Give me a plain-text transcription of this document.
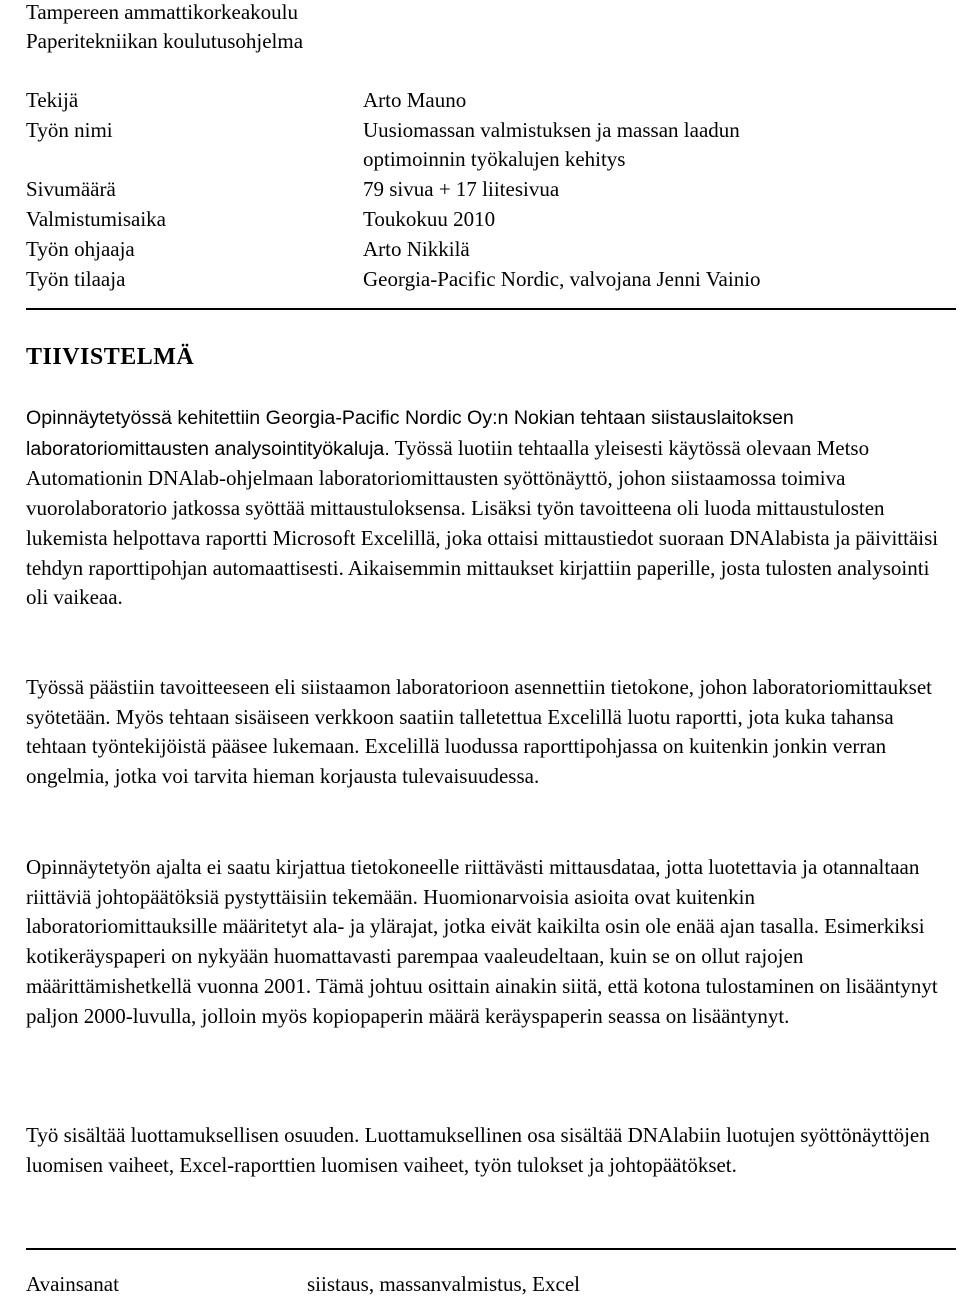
Tampereen ammattikorkeakoulu
Paperitekniikan koulutusohjelma
Tekijä	Arto Mauno
Työn nimi	Uusiomassan valmistuksen ja massan laadun
optimoinnin työkalujen kehitys
Sivumäärä	79 sivua + 17 liitesivua
Valmistumisaika	Toukokuu 2010
Työn ohjaaja	Arto Nikkilä
Työn tilaaja	Georgia-Pacific Nordic, valvojana Jenni Vainio
TIIVISTELMÄ

Opinnäytetyössä kehitettiin Georgia-Pacific Nordic Oy:n Nokian tehtaan siistauslaitoksen laboratoriomittausten analysointityökaluja. Työssä luotiin tehtaalla yleisesti käytössä olevaan Metso Automationin DNAlab-ohjelmaan laboratoriomittausten syöttönäyttö, johon siistaamossa toimiva vuorolaboratorio jatkossa syöttää mittaustuloksensa. Lisäksi työn tavoitteena oli luoda mittaustulosten lukemista helpottava raportti Microsoft Excelillä, joka ottaisi mittaustiedot suoraan DNAlabista ja päivittäisi tehdyn raporttipohjan automaattisesti. Aikaisemmin mittaukset kirjattiin paperille, josta tulosten analysointi oli vaikeaa.

Työssä päästiin tavoitteeseen eli siistaamon laboratorioon asennettiin tietokone, johon laboratoriomittaukset syötetään. Myös tehtaan sisäiseen verkkoon saatiin talletettua Excelillä luotu raportti, jota kuka tahansa tehtaan työntekijöistä pääsee lukemaan. Excelillä luodussa raporttipohjassa on kuitenkin jonkin verran ongelmia, jotka voi tarvita hieman korjausta tulevaisuudessa.

Opinnäytetyön ajalta ei saatu kirjattua tietokoneelle riittävästi mittausdataa, jotta luotettavia ja otannaltaan riittäviä johtopäätöksiä pystyttäisiin tekemään. Huomionarvoisia asioita ovat kuitenkin laboratoriomittauksille määritetyt ala- ja ylärajat, jotka eivät kaikilta osin ole enää ajan tasalla. Esimerkiksi kotikeräyspaperi on nykyään huomattavasti parempaa vaaleudeltaan, kuin se on ollut rajojen määrittämishetkellä vuonna 2001. Tämä johtuu osittain ainakin siitä, että kotona tulostaminen on lisääntynyt paljon 2000-luvulla, jolloin myös kopiopaperin määrä keräyspaperin seassa on lisääntynyt.

Työ sisältää luottamuksellisen osuuden. Luottamuksellinen osa sisältää DNAlabiin luotujen syöttönäyttöjen luomisen vaiheet, Excel-raporttien luomisen vaiheet, työn tulokset ja johtopäätökset.

Avainsanat	siistaus, massanvalmistus, Excel
